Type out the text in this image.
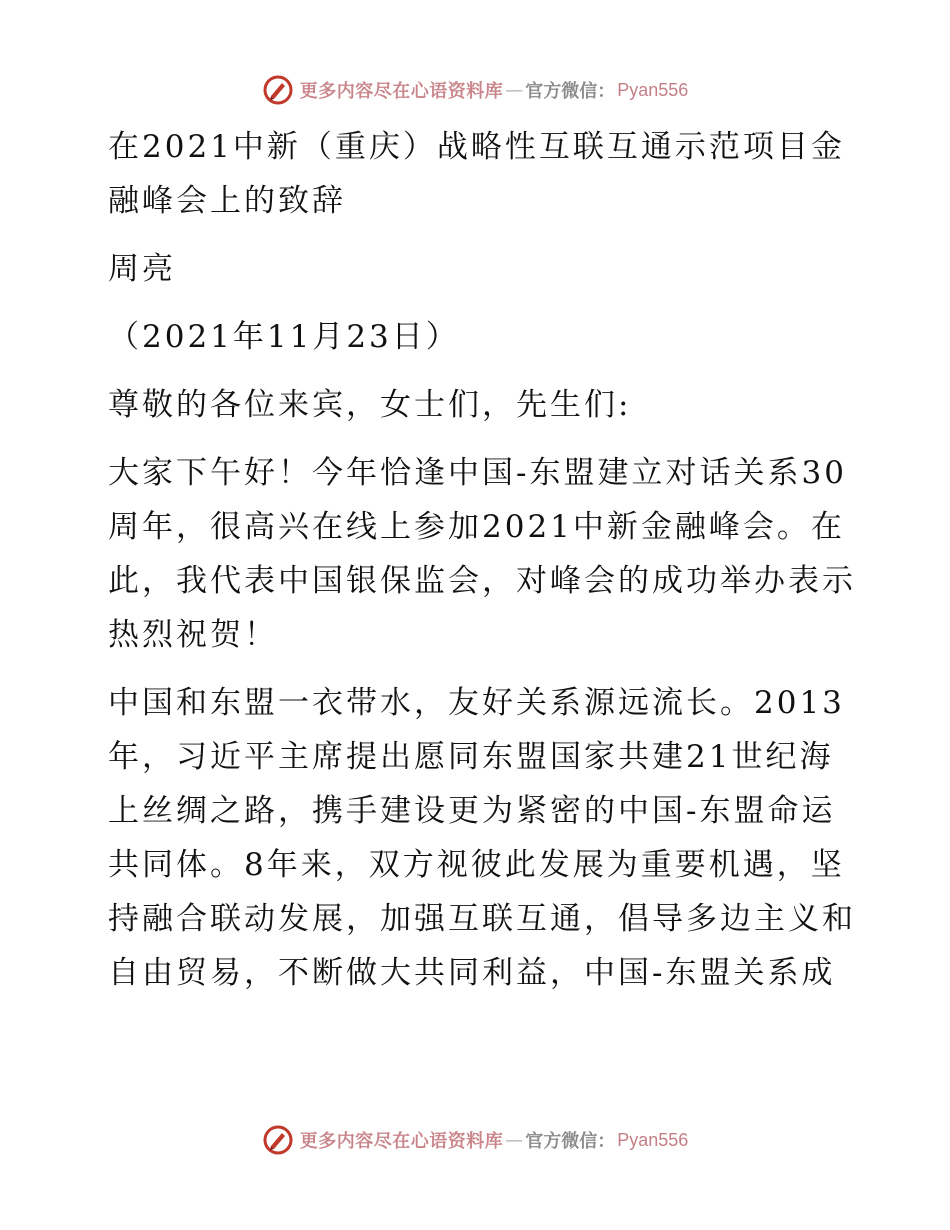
更多内容尽在心语资料库 — 官方微信： Pyan556

在2021中新（重庆）战略性互联互通示范项目金融峰会上的致辞

周亮

（2021年11月23日）

尊敬的各位来宾，女士们，先生们:

大家下午好！今年恰逢中国-东盟建立对话关系30周年，很高兴在线上参加2021中新金融峰会。在此，我代表中国银保监会，对峰会的成功举办表示热烈祝贺！

中国和东盟一衣带水，友好关系源远流长。2013年，习近平主席提出愿同东盟国家共建21世纪海上丝绸之路，携手建设更为紧密的中国-东盟命运共同体。8年来，双方视彼此发展为重要机遇，坚持融合联动发展，加强互联互通，倡导多边主义和自由贸易，不断做大共同利益，中国-东盟关系成

更多内容尽在心语资料库 — 官方微信： Pyan556
